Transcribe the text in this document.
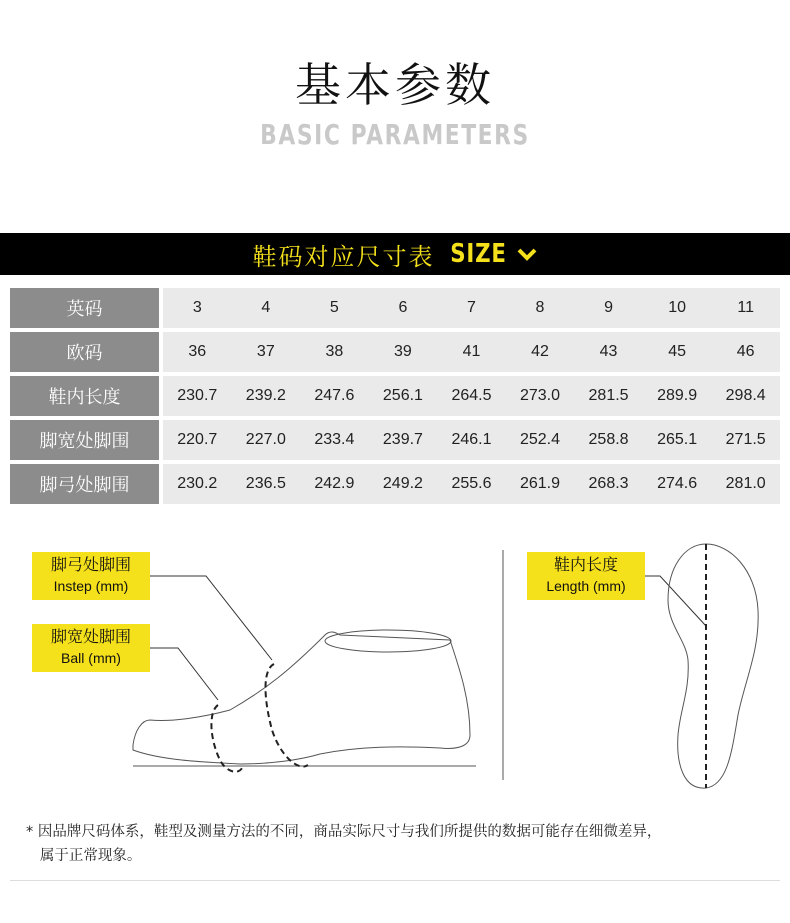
基本参数
BASIC PARAMETERS
鞋码对应尺寸表 SIZE
英码		3	4	5	6	7	8	9	10	11
欧码		36	37	38	39	41	42	43	45	46
鞋内长度		230.7	239.2	247.6	256.1	264.5	273.0	281.5	289.9	298.4
脚宽处脚围		220.7	227.0	233.4	239.7	246.1	252.4	258.8	265.1	271.5
脚弓处脚围		230.2	236.5	242.9	249.2	255.6	261.9	268.3	274.6	281.0
脚弓处脚围
Instep (mm)
脚宽处脚围
Ball (mm)
鞋内长度
Length (mm)
* 因品牌尺码体系，鞋型及测量方法的不同，商品实际尺寸与我们所提供的数据可能存在细微差异，
属于正常现象。
